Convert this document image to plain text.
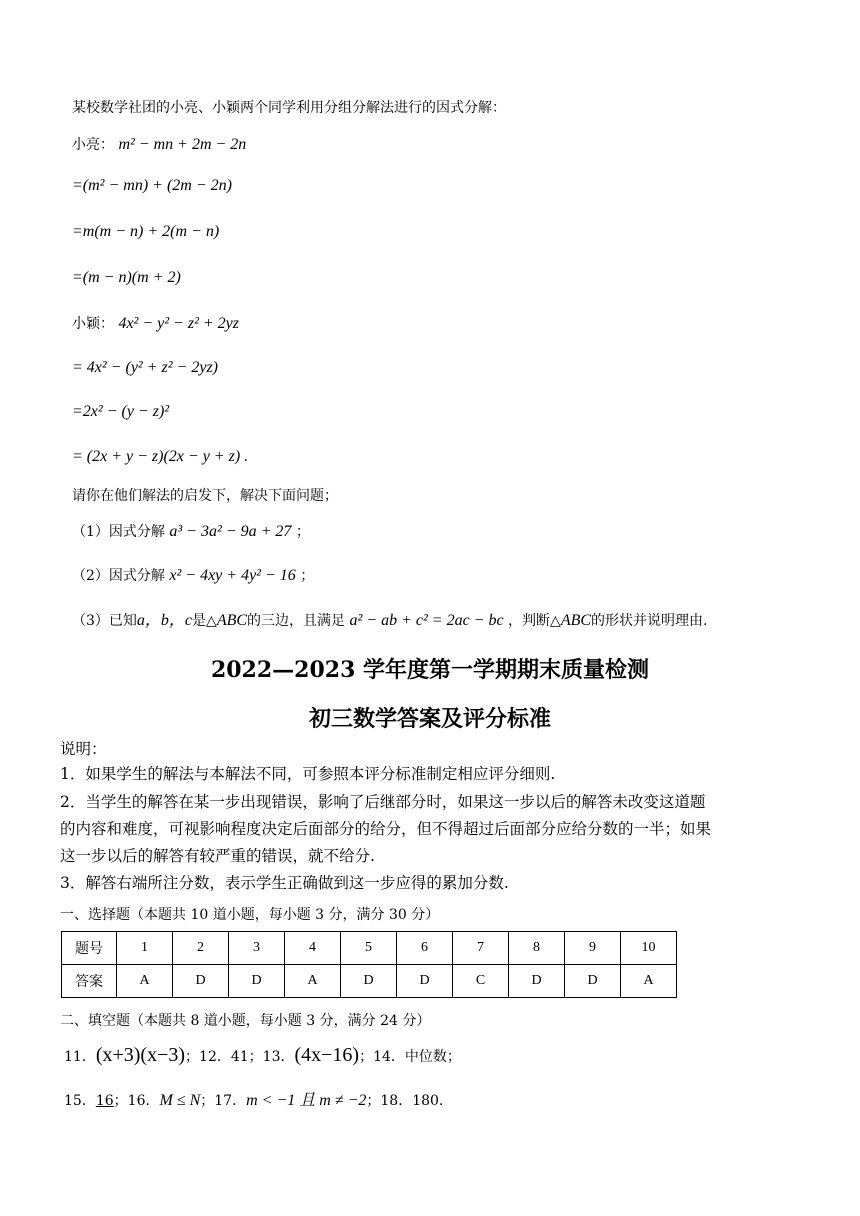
某校数学社团的小亮、小颖两个同学利用分组分解法进行的因式分解：
小亮： m² − mn + 2m − 2n
=(m² − mn) + (2m − 2n)
=m(m − n) + 2(m − n)
=(m − n)(m + 2)
小颖： 4x² − y² − z² + 2yz
= 4x² − (y² + z² − 2yz)
=2x² − (y − z)²
= (2x + y − z)(2x − y + z) .
请你在他们解法的启发下，解决下面问题；
（1）因式分解 a³ − 3a² − 9a + 27 ；
（2）因式分解 x² − 4xy + 4y² − 16 ；
（3）已知a，b，c是△ABC的三边，且满足 a² − ab + c² = 2ac − bc ，判断△ABC的形状并说明理由.
2022—2023 学年度第一学期期末质量检测
初三数学答案及评分标准
说明：
1．如果学生的解法与本解法不同，可参照本评分标准制定相应评分细则.
2．当学生的解答在某一步出现错误，影响了后继部分时，如果这一步以后的解答未改变这道题
的内容和难度，可视影响程度决定后面部分的给分，但不得超过后面部分应给分数的一半；如果
这一步以后的解答有较严重的错误，就不给分.
3．解答右端所注分数，表示学生正确做到这一步应得的累加分数.
一、选择题（本题共 10 道小题，每小题 3 分，满分 30 分）
题号	1	2	3	4	5	6	7	8	9	10
答案	A	D	D	A	D	D	C	D	D	A
二、填空题（本题共 8 道小题，每小题 3 分，满分 24 分）
11．(x+3)(x−3)；12．41；13．(4x−16)；14．中位数；
15．16；16．M ≤ N；17．m < −1 且 m ≠ −2；18．180.
